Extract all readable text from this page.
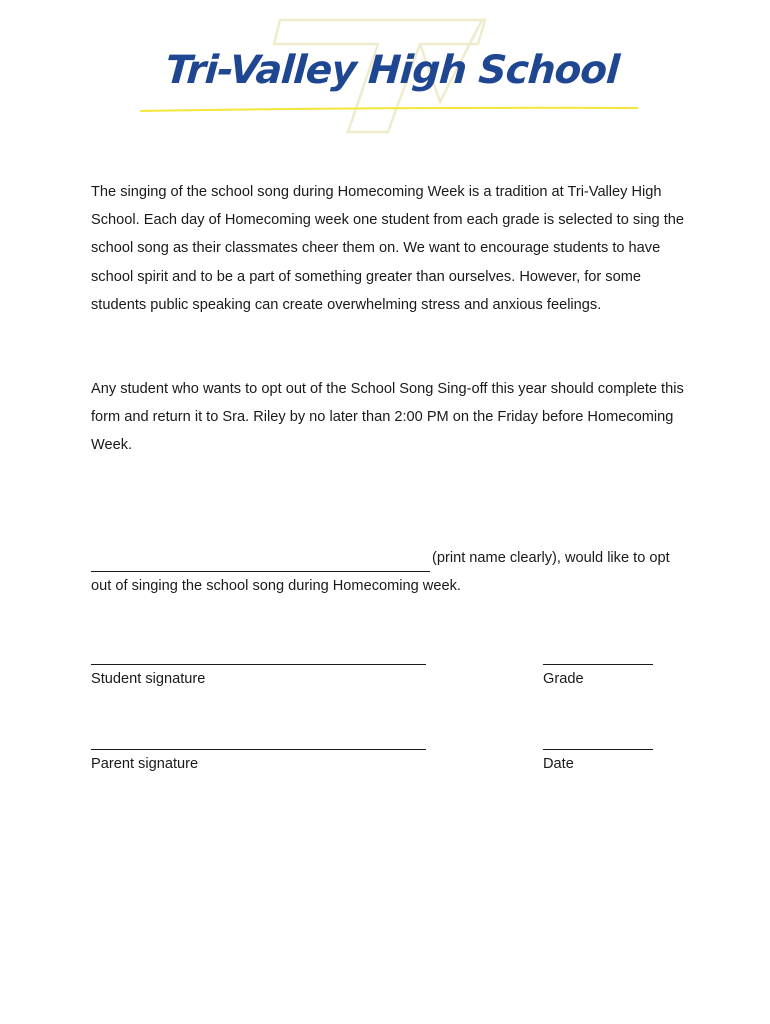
Tri-Valley High School

The singing of the school song during Homecoming Week is a tradition at Tri-Valley High School. Each day of Homecoming week one student from each grade is selected to sing the school song as their classmates cheer them on. We want to encourage students to have school spirit and to be a part of something greater than ourselves. However, for some students public speaking can create overwhelming stress and anxious feelings.

Any student who wants to opt out of the School Song Sing-off this year should complete this form and return it to Sra. Riley by no later than 2:00 PM on the Friday before Homecoming Week.

(print name clearly), would like to opt out of singing the school song during Homecoming week.

Student signature	Grade
Parent signature	Date
